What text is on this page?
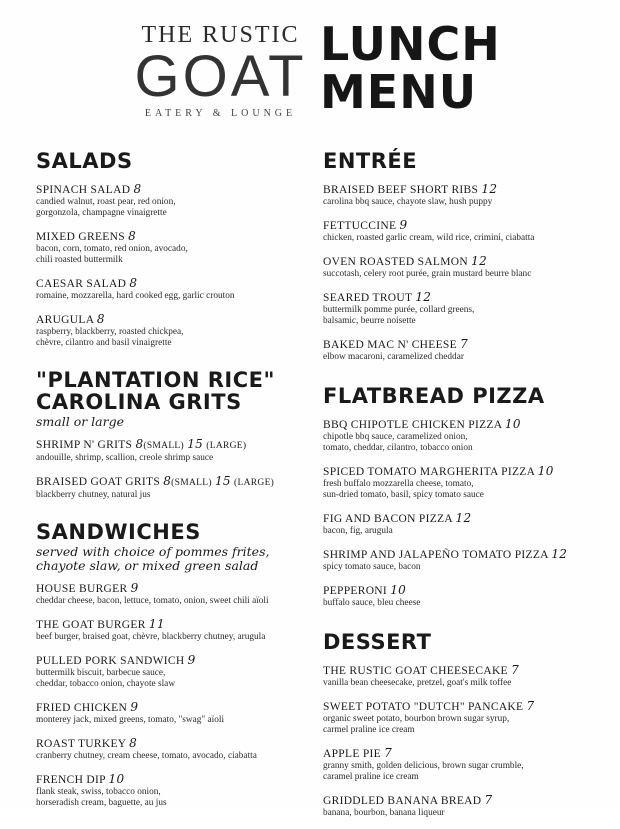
THE RUSTIC
GOAT
EATERY & LOUNGE
LUNCH
MENU
SALADS
SPINACH SALAD 8
candied walnut, roast pear, red onion,
gorgonzola, champagne vinaigrette
MIXED GREENS 8
bacon, corn, tomato, red onion, avocado,
chili roasted buttermilk
CAESAR SALAD 8
romaine, mozzarella, hard cooked egg, garlic crouton
ARUGULA 8
raspberry, blackberry, roasted chickpea,
chèvre, cilantro and basil vinaigrette
"PLANTATION RICE"
CAROLINA GRITS
small or large
SHRIMP N' GRITS 8(SMALL) 15 (LARGE)
andouille, shrimp, scallion, creole shrimp sauce
BRAISED GOAT GRITS 8(SMALL) 15 (LARGE)
blackberry chutney, natural jus
SANDWICHES
served with choice of pommes frites,
chayote slaw, or mixed green salad
HOUSE BURGER 9
cheddar cheese, bacon, lettuce, tomato, onion, sweet chili aïoli
THE GOAT BURGER 11
beef burger, braised goat, chèvre, blackberry chutney, arugula
PULLED PORK SANDWICH 9
buttermilk biscuit, barbecue sauce,
cheddar, tobacco onion, chayote slaw
FRIED CHICKEN 9
monterey jack, mixed greens, tomato, "swag" aïoli
ROAST TURKEY 8
cranberry chutney, cream cheese, tomato, avocado, ciabatta
FRENCH DIP 10
flank steak, swiss, tobacco onion,
horseradish cream, baguette, au jus
ENTRÉE
BRAISED BEEF SHORT RIBS 12
carolina bbq sauce, chayote slaw, hush puppy
FETTUCCINE 9
chicken, roasted garlic cream, wild rice, crimini, ciabatta
OVEN ROASTED SALMON 12
succotash, celery root purée, grain mustard beurre blanc
SEARED TROUT 12
buttermilk pomme purée, collard greens,
balsamic, beurre noisette
BAKED MAC N' CHEESE 7
elbow macaroni, caramelized cheddar
FLATBREAD PIZZA
BBQ CHIPOTLE CHICKEN PIZZA 10
chipotle bbq sauce, caramelized onion,
tomato, cheddar, cilantro, tobacco onion
SPICED TOMATO MARGHERITA PIZZA 10
fresh buffalo mozzarella cheese, tomato,
sun-dried tomato, basil, spicy tomato sauce
FIG AND BACON PIZZA 12
bacon, fig, arugula
SHRIMP AND JALAPEÑO TOMATO PIZZA 12
spicy tomato sauce, bacon
PEPPERONI 10
buffalo sauce, bleu cheese
DESSERT
THE RUSTIC GOAT CHEESECAKE 7
vanilla bean cheesecake, pretzel, goat's milk toffee
SWEET POTATO "DUTCH" PANCAKE 7
organic sweet potato, bourbon brown sugar syrup,
carmel praline ice cream
APPLE PIE 7
granny smith, golden delicious, brown sugar crumble,
caramel praline ice cream
GRIDDLED BANANA BREAD 7
banana, bourbon, banana liqueur
